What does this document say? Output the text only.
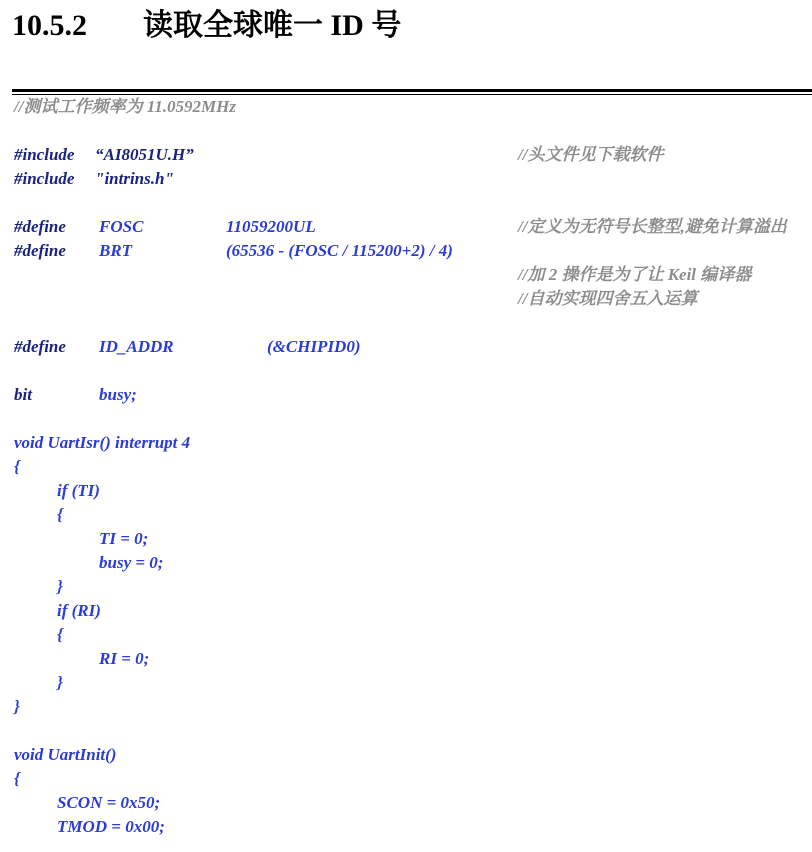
10.5.2 读取全球唯一 ID 号
//测试工作频率为 11.0592MHz
#include “AI8051U.H”	//头文件见下载软件
#include "intrins.h"
#define FOSC	11059200UL	//定义为无符号长整型,避免计算溢出
#define BRT	(65536 - (FOSC / 115200+2) / 4)
//加 2 操作是为了让 Keil 编译器
//自动实现四舍五入运算
#define ID_ADDR	(&CHIPID0)
bit	busy;
void UartIsr() interrupt 4
{
if (TI)
{
TI = 0;
busy = 0;
}
if (RI)
{
RI = 0;
}
}
void UartInit()
{
SCON = 0x50;
TMOD = 0x00;
